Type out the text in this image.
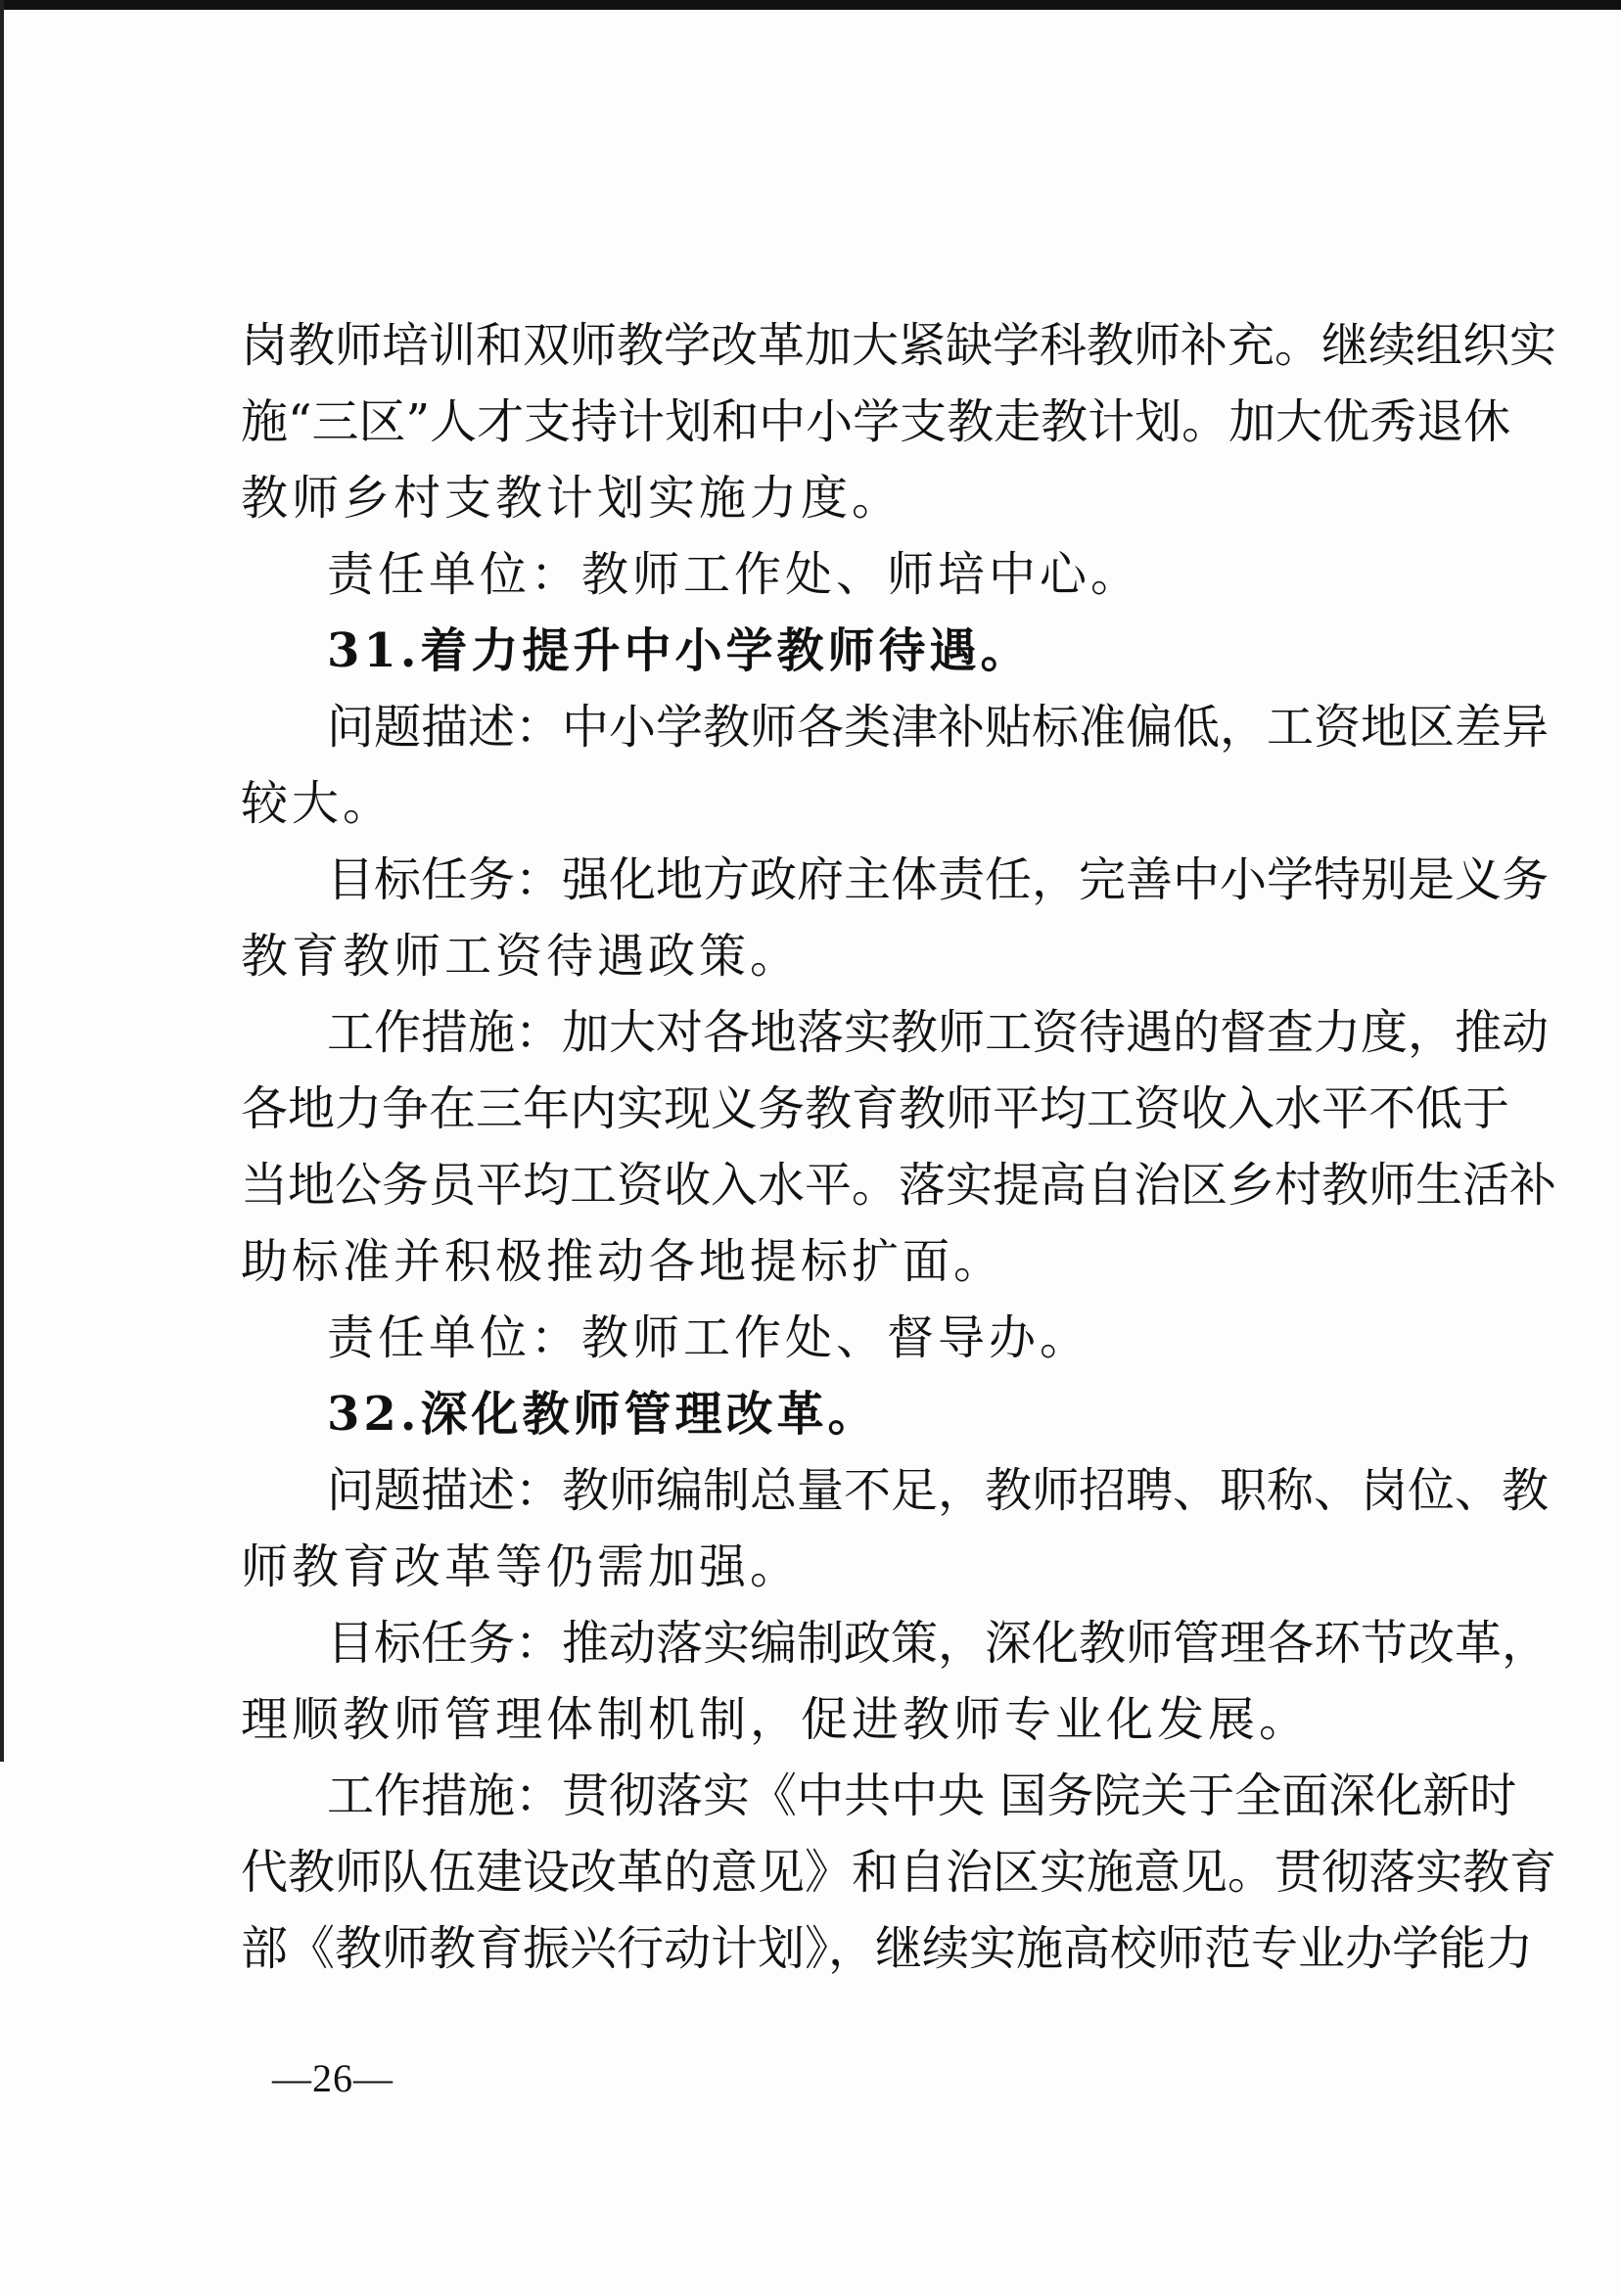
岗教师培训和双师教学改革加大紧缺学科教师补充。继续组织实
施“三区”人才支持计划和中小学支教走教计划。加大优秀退休
教师乡村支教计划实施力度。
责任单位：教师工作处、师培中心。
31.着力提升中小学教师待遇。
问题描述：中小学教师各类津补贴标准偏低，工资地区差异
较大。
目标任务：强化地方政府主体责任，完善中小学特别是义务
教育教师工资待遇政策。
工作措施：加大对各地落实教师工资待遇的督查力度，推动
各地力争在三年内实现义务教育教师平均工资收入水平不低于
当地公务员平均工资收入水平。落实提高自治区乡村教师生活补
助标准并积极推动各地提标扩面。
责任单位：教师工作处、督导办。
32.深化教师管理改革。
问题描述：教师编制总量不足，教师招聘、职称、岗位、教
师教育改革等仍需加强。
目标任务：推动落实编制政策，深化教师管理各环节改革，
理顺教师管理体制机制，促进教师专业化发展。
工作措施：贯彻落实《中共中央 国务院关于全面深化新时
代教师队伍建设改革的意见》和自治区实施意见。贯彻落实教育
部《教师教育振兴行动计划》，继续实施高校师范专业办学能力
—26—
